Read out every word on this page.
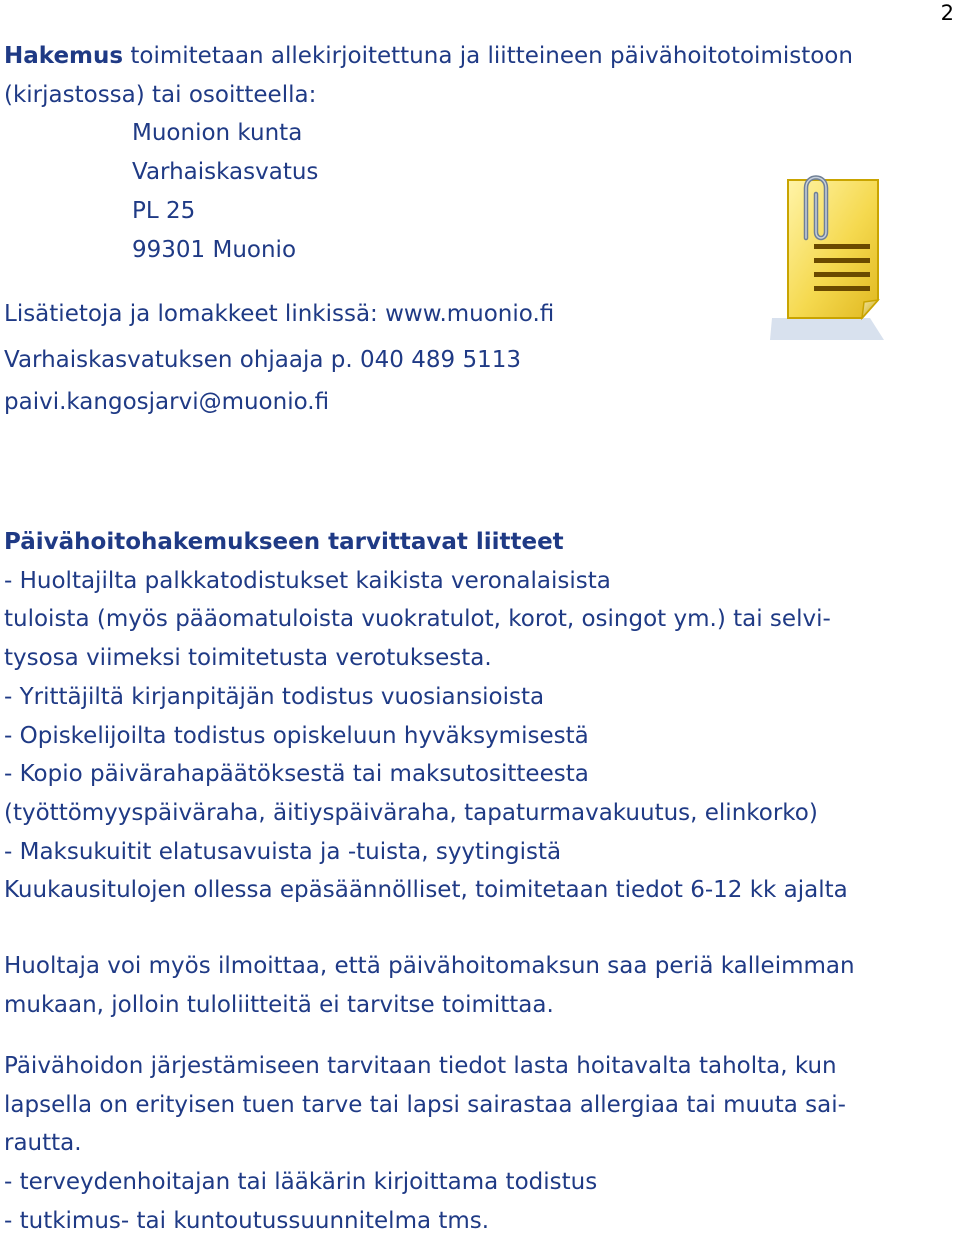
2

Hakemus toimitetaan allekirjoitettuna ja liitteineen päivähoitotoimistoon
(kirjastossa) tai osoitteella:
Muonion kunta
Varhaiskasvatus
PL 25
99301 Muonio

Lisätietoja ja lomakkeet linkissä: www.muonio.fi
Varhaiskasvatuksen ohjaaja p. 040 489 5113
paivi.kangosjarvi@muonio.fi

Päivähoitohakemukseen tarvittavat liitteet
- Huoltajilta palkkatodistukset kaikista veronalaisista
tuloista (myös pääomatuloista vuokratulot, korot, osingot ym.) tai selvi-
tysosa viimeksi toimitetusta verotuksesta.
- Yrittäjiltä kirjanpitäjän todistus vuosiansioista
- Opiskelijoilta todistus opiskeluun hyväksymisestä
- Kopio päivärahapäätöksestä tai maksutositteesta
(työttömyyspäiväraha, äitiyspäiväraha, tapaturmavakuutus, elinkorko)
- Maksukuitit elatusavuista ja -tuista, syytingistä
Kuukausitulojen ollessa epäsäännölliset, toimitetaan tiedot 6-12 kk ajalta

Huoltaja voi myös ilmoittaa, että päivähoitomaksun saa periä kalleimman
mukaan, jolloin tuloliitteitä ei tarvitse toimittaa.

Päivähoidon järjestämiseen tarvitaan tiedot lasta hoitavalta taholta, kun
lapsella on erityisen tuen tarve tai lapsi sairastaa allergiaa tai muuta sai-
rautta.
- terveydenhoitajan tai lääkärin kirjoittama todistus
- tutkimus- tai kuntoutussuunnitelma tms.
